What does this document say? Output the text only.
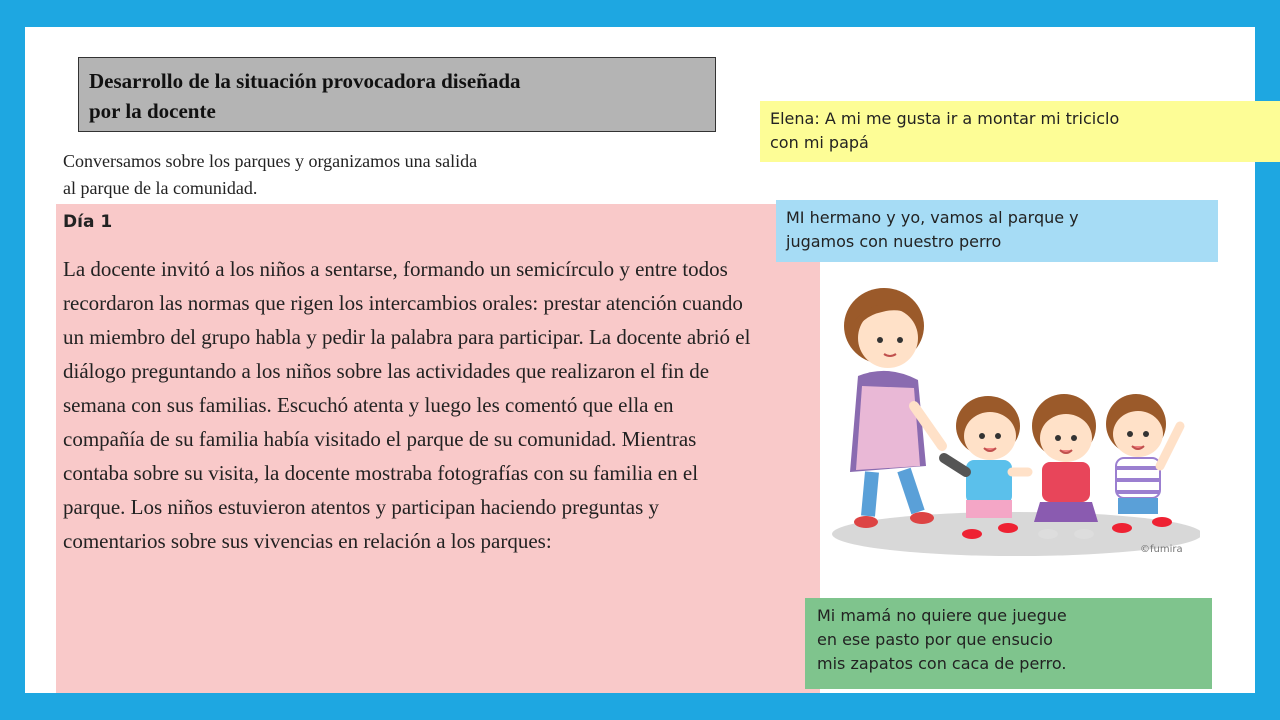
Desarrollo de la situación provocadora diseñada
por la docente
Conversamos sobre los parques y organizamos una salida
al parque de la comunidad.
Día 1
La docente invitó a los niños a sentarse, formando un semicírculo y entre todos recordaron las normas que rigen los intercambios orales: prestar atención cuando un miembro del grupo habla y pedir la palabra para participar. La docente abrió el diálogo preguntando a los niños sobre las actividades que realizaron el fin de semana con sus familias. Escuchó atenta y luego les comentó que ella en compañía de su familia había visitado el parque de su comunidad. Mientras contaba sobre su visita, la docente mostraba fotografías con su familia en el parque. Los niños estuvieron atentos y participan haciendo preguntas y comentarios sobre sus vivencias en relación a los parques:
Elena: A mi me gusta ir a montar mi triciclo
con mi papá
MI hermano y yo, vamos al parque y
jugamos con nuestro perro
Mi mamá no quiere que juegue
en ese pasto por que ensucio
mis zapatos con caca de perro.
©fumira
